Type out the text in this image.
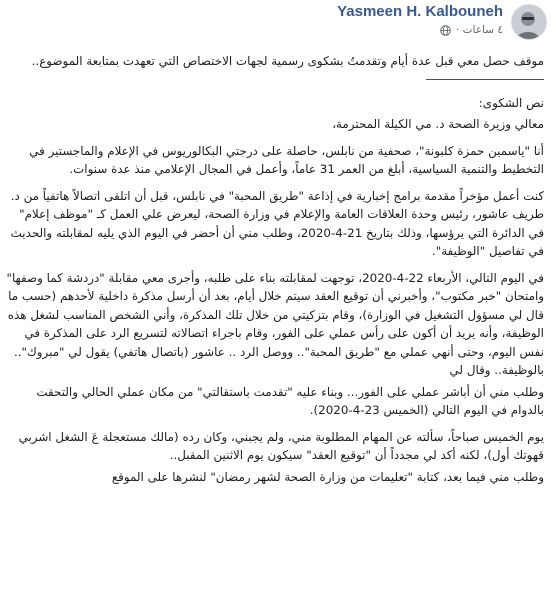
Yasmeen H. Kalbouneh
٤ ساعات ·

موقف حصل معي قبل عدة أيام وتقدمتُ بشكوى رسمية لجهات الاختصاص التي تعهدت بمتابعة الموضوع..

نص الشكوى:

معالي وزيرة الصحة د. مي الكيلة المحترمة،

أنا "ياسمين حمزة كلبونة"، صحفية من نابلس، حاصلة على درجتي البكالوريوس في الإعلام والماجستير في التخطيط والتنمية السياسية، أبلغ من العمر 31 عاماً، وأعمل في المجال الإعلامي منذ عدة سنوات.

كنت أعمل مؤخراً مقدمة برامج إخبارية في إذاعة "طريق المحبة" في نابلس، قبل أن اتلقى اتصالاً هاتفياً من د. طريف عاشور، رئيس وحدة العلاقات العامة والإعلام في وزارة الصحة، ليعرض علي العمل كـ "موظف إعلام" في الدائرة التي يرؤسها، وذلك بتاريخ 21-4-2020، وطلب مني أن أحضر في اليوم الذي يليه لمقابلته والحديث في تفاصيل "الوظيفة".

في اليوم التالي، الأربعاء 22-4-2020، توجهت لمقابلته بناء على طلبه، وأجرى معي مقابلة "دردشة كما وصفها" وامتحان "خبر مكتوب"، وأخبرني أن توقيع العقد سيتم خلال أيام، بعد أن أرسل مذكرة داخلية لأحدهم (حسب ما قال لي مسؤول التشغيل في الوزارة)، وقام بتزكيتي من خلال تلك المذكرة، وأني الشخص المناسب لشغل هذه الوظيفة، وأنه يريد أن أكون على رأس عملي على الفور، وقام باجراء اتصالاته لتسريع الرد على المذكرة في نفس اليوم، وحتى أنهي عملي مع "طريق المحبة".. ووصل الرد .. عاشور (باتصال هاتفي) يقول لي "مبروك".. بالوظيفة.. وقال لي

وطلب مني أن أباشر عملي على الفور... وبناء عليه "تقدمت باستقالتي" من مكان عملي الحالي والتحقت بالدوام في اليوم التالي (الخميس 23-4-2020).

يوم الخميس صباحاً، سألته عن المهام المطلوبة مني، ولم يجبني، وكان رده (مالك مستعجلة عَ الشغل اشربي قهوتك أول)، لكنه أكد لي مجدداً أن "توقيع العقد" سيكون يوم الاثنين المقبل..

وطلب مني فيما بعد، كتابة "تعليمات من وزارة الصحة لشهر رمضان" لنشرها على الموقع
